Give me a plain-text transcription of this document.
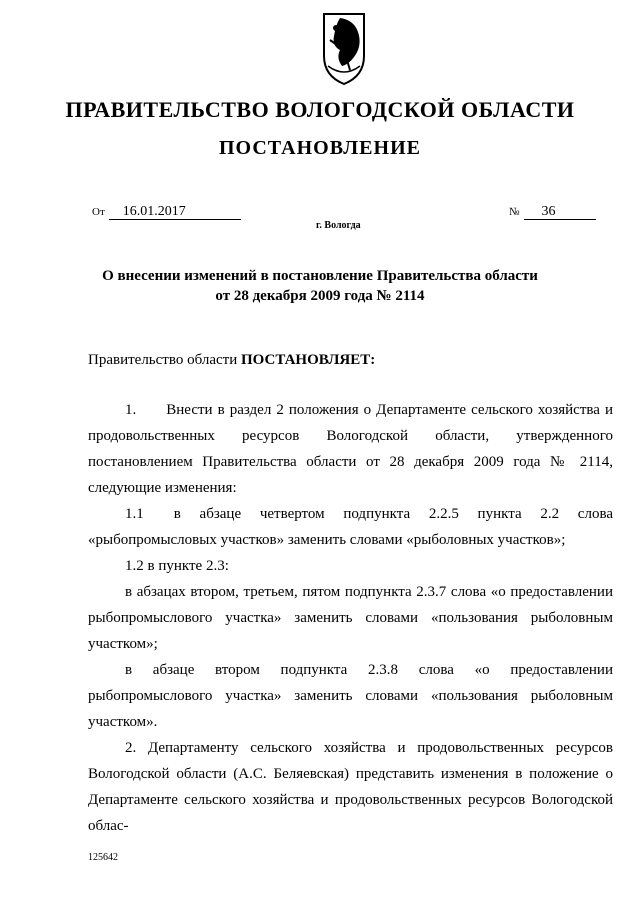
ПРАВИТЕЛЬСТВО ВОЛОГОДСКОЙ ОБЛАСТИ
ПОСТАНОВЛЕНИЕ
От 16.01.2017	№ 36
г. Вологда
О внесении изменений в постановление Правительства области
от 28 декабря 2009 года № 2114
Правительство области ПОСТАНОВЛЯЕТ:

1. Внести в раздел 2 положения о Департаменте сельского хозяйства и продовольственных ресурсов Вологодской области, утвержденного постановлением Правительства области от 28 декабря 2009 года № 2114, следующие изменения:

1.1 в абзаце четвертом подпункта 2.2.5 пункта 2.2 слова «рыбопромысловых участков» заменить словами «рыболовных участков»;

1.2 в пункте 2.3:

в абзацах втором, третьем, пятом подпункта 2.3.7 слова «о предоставлении рыбопромыслового участка» заменить словами «пользования рыболовным участком»;

в абзаце втором подпункта 2.3.8 слова «о предоставлении рыбопромыслового участка» заменить словами «пользования рыболовным участком».

2. Департаменту сельского хозяйства и продовольственных ресурсов Вологодской области (А.С. Беляевская) представить изменения в положение о Департаменте сельского хозяйства и продовольственных ресурсов Вологодской облас-

125642
